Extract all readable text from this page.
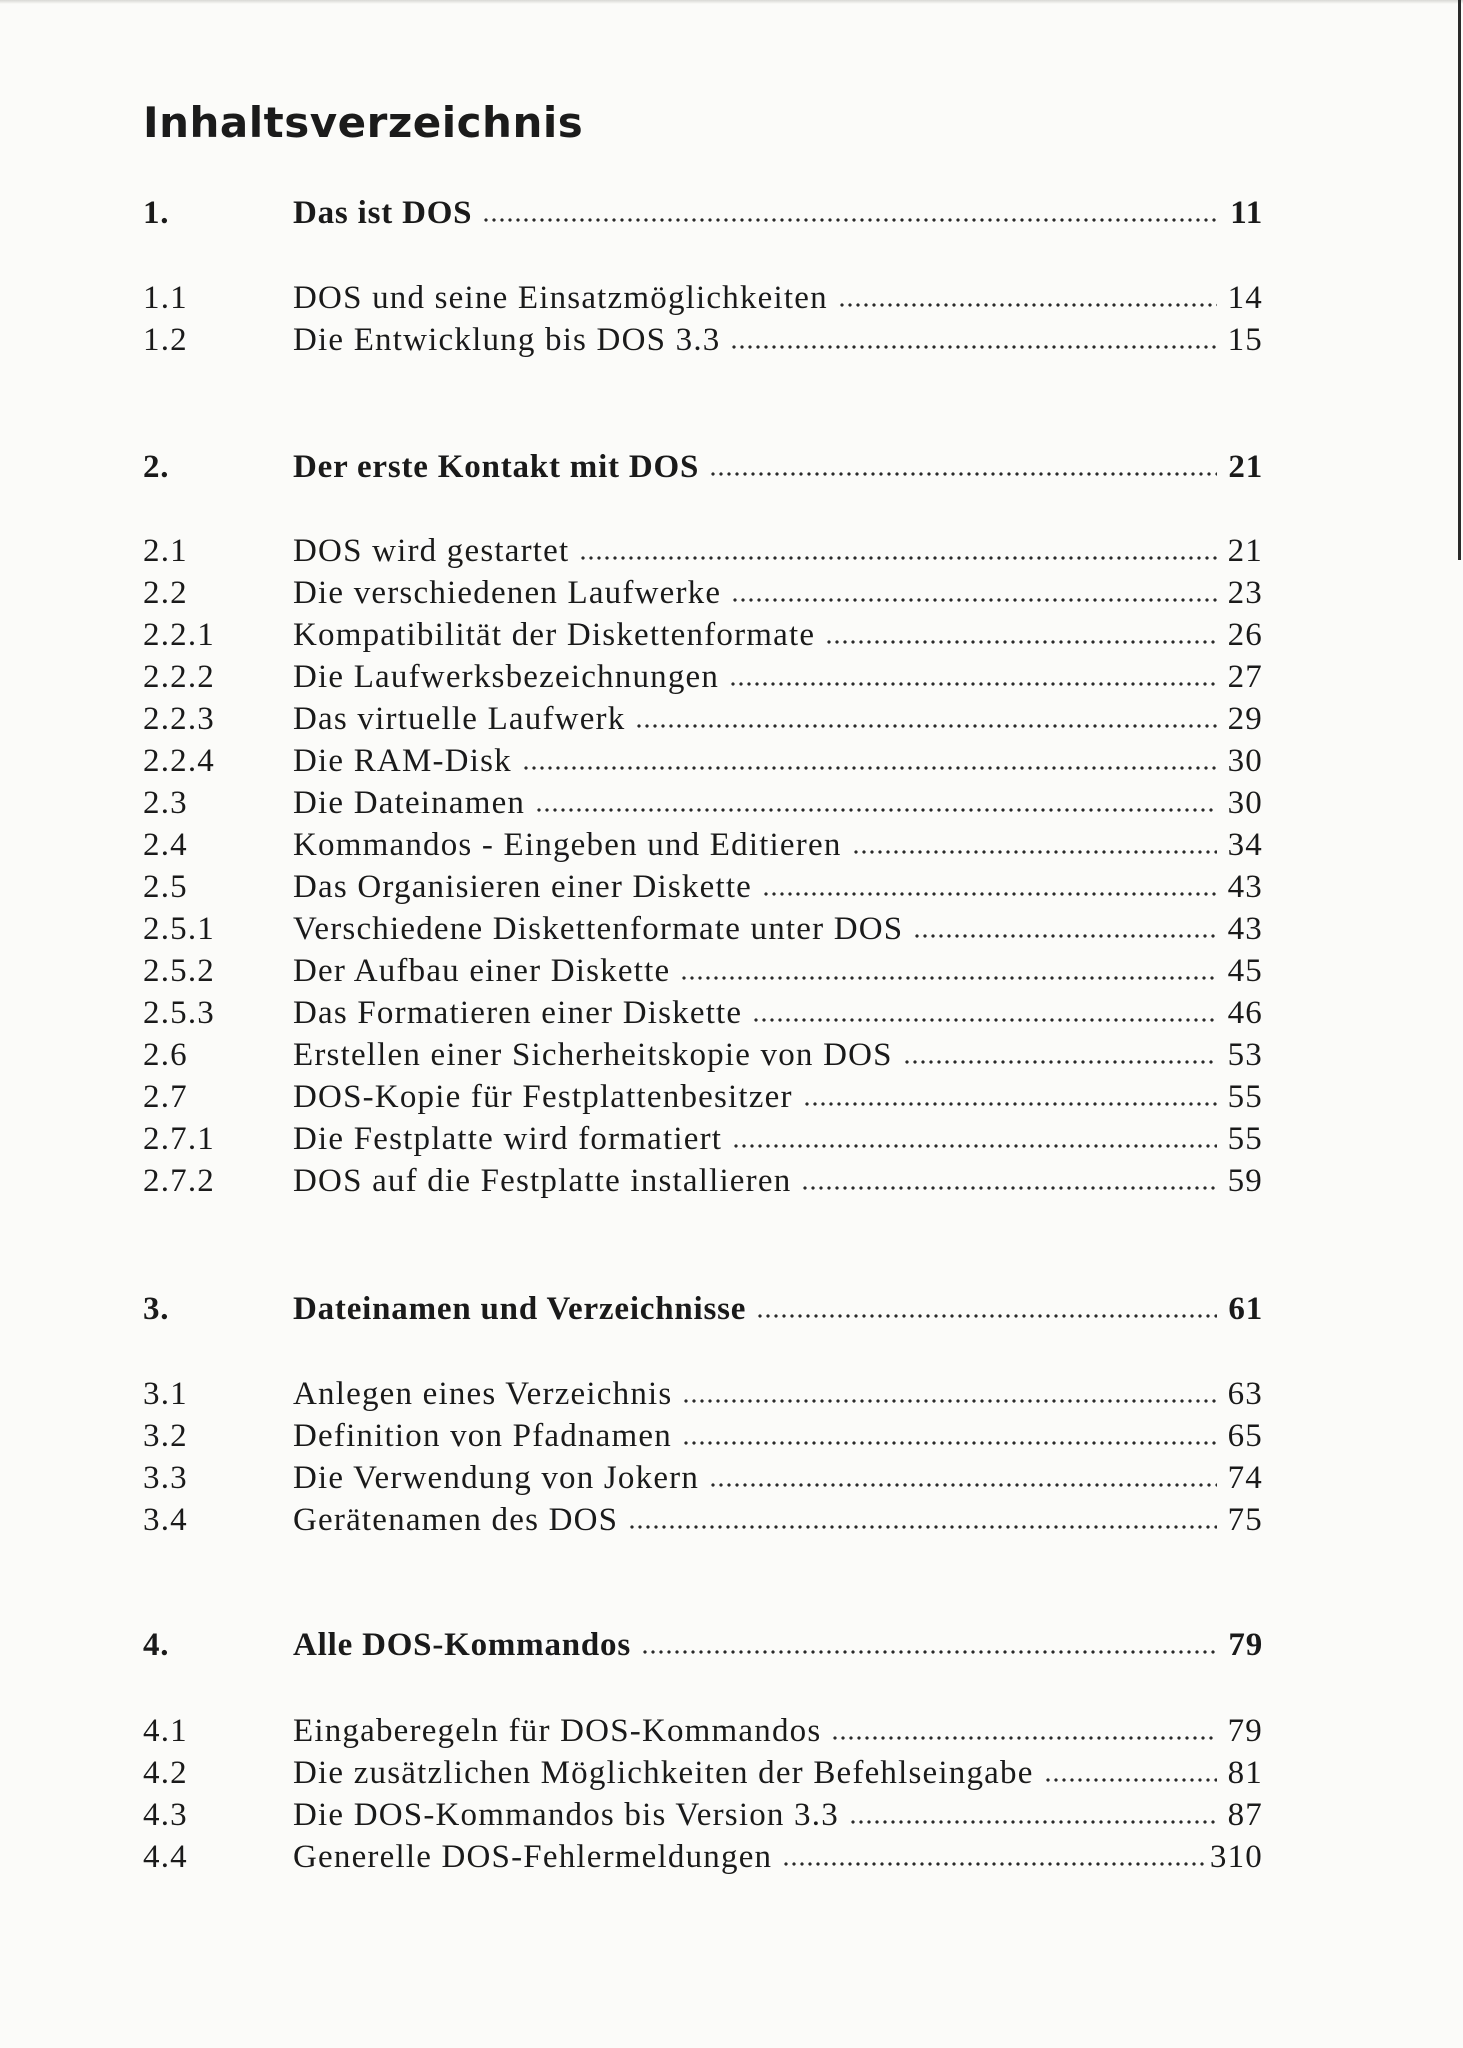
Inhaltsverzeichnis
1.	Das ist DOS	11
1.1	DOS und seine Einsatzmöglichkeiten	14
1.2	Die Entwicklung bis DOS 3.3	15
2.	Der erste Kontakt mit DOS	21
2.1	DOS wird gestartet	21
2.2	Die verschiedenen Laufwerke	23
2.2.1	Kompatibilität der Diskettenformate	26
2.2.2	Die Laufwerksbezeichnungen	27
2.2.3	Das virtuelle Laufwerk	29
2.2.4	Die RAM-Disk	30
2.3	Die Dateinamen	30
2.4	Kommandos - Eingeben und Editieren	34
2.5	Das Organisieren einer Diskette	43
2.5.1	Verschiedene Diskettenformate unter DOS	43
2.5.2	Der Aufbau einer Diskette	45
2.5.3	Das Formatieren einer Diskette	46
2.6	Erstellen einer Sicherheitskopie von DOS	53
2.7	DOS-Kopie für Festplattenbesitzer	55
2.7.1	Die Festplatte wird formatiert	55
2.7.2	DOS auf die Festplatte installieren	59
3.	Dateinamen und Verzeichnisse	61
3.1	Anlegen eines Verzeichnis	63
3.2	Definition von Pfadnamen	65
3.3	Die Verwendung von Jokern	74
3.4	Gerätenamen des DOS	75
4.	Alle DOS-Kommandos	79
4.1	Eingaberegeln für DOS-Kommandos	79
4.2	Die zusätzlichen Möglichkeiten der Befehlseingabe	81
4.3	Die DOS-Kommandos bis Version 3.3	87
4.4	Generelle DOS-Fehlermeldungen	310
